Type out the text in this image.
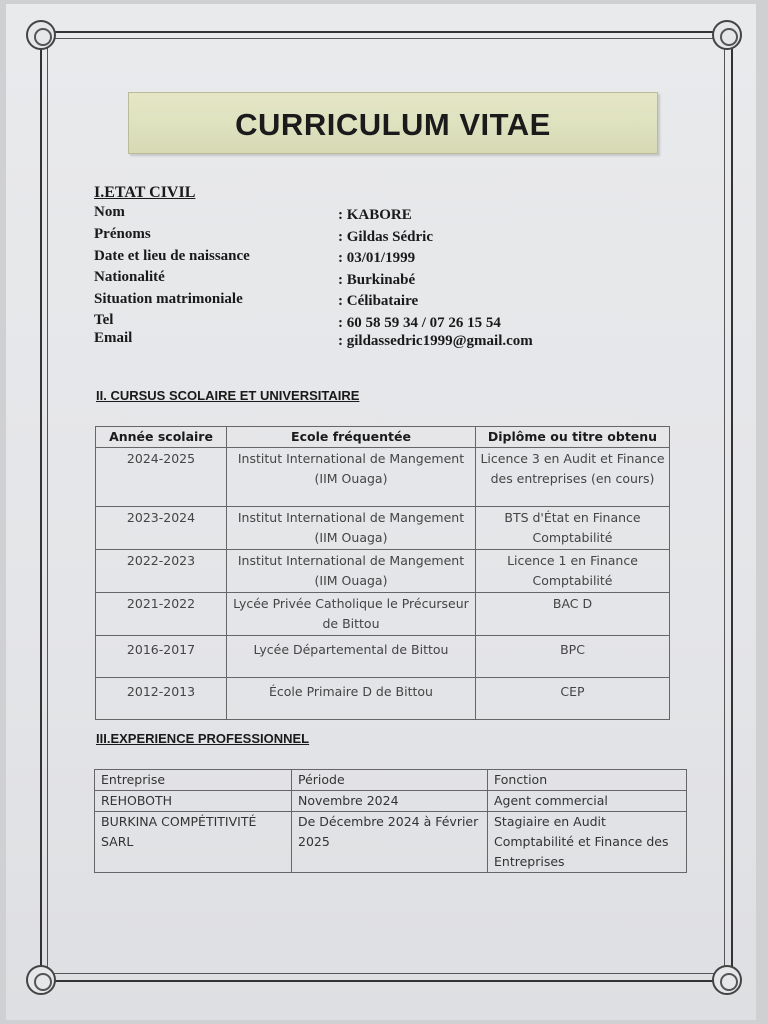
CURRICULUM VITAE
I.ETAT CIVIL
Nom	: KABORE
Prénoms	: Gildas Sédric
Date et lieu de naissance	: 03/01/1999
Nationalité	: Burkinabé
Situation matrimoniale	: Célibataire
Tel	: 60 58 59 34 / 07 26 15 54
Email	: gildassedric1999@gmail.com
II. CURSUS SCOLAIRE ET UNIVERSITAIRE
Année scolaire	Ecole fréquentée	Diplôme ou titre obtenu
2024-2025	Institut International de Mangement (IIM Ouaga)	Licence 3 en Audit et Finance des entreprises (en cours)
2023-2024	Institut International de Mangement (IIM Ouaga)	BTS d'État en Finance Comptabilité
2022-2023	Institut International de Mangement (IIM Ouaga)	Licence 1 en Finance Comptabilité
2021-2022	Lycée Privée Catholique le Précurseur de Bittou	BAC D
2016-2017	Lycée Départemental de Bittou	BPC
2012-2013	École Primaire D de Bittou	CEP
III.EXPERIENCE PROFESSIONNEL
Entreprise	Période	Fonction
REHOBOTH	Novembre 2024	Agent commercial
BURKINA COMPÉTITIVITÉ SARL	De Décembre 2024 à Février 2025	Stagiaire en Audit Comptabilité et Finance des Entreprises
